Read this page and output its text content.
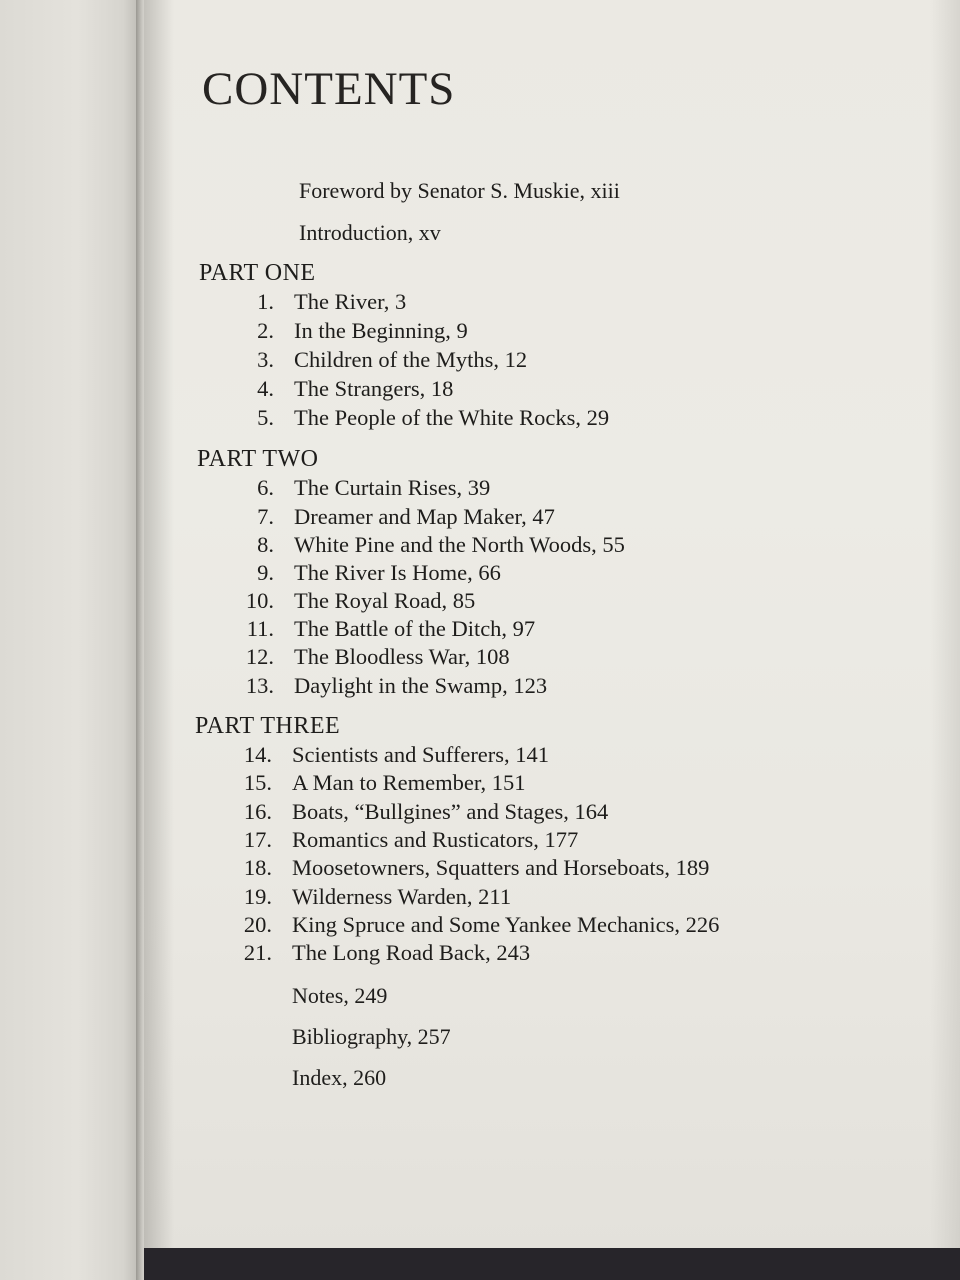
CONTENTS
Foreword by Senator S. Muskie, xiii
Introduction, xv
PART ONE
1. The River, 3
2. In the Beginning, 9
3. Children of the Myths, 12
4. The Strangers, 18
5. The People of the White Rocks, 29
PART TWO
6. The Curtain Rises, 39
7. Dreamer and Map Maker, 47
8. White Pine and the North Woods, 55
9. The River Is Home, 66
10. The Royal Road, 85
11. The Battle of the Ditch, 97
12. The Bloodless War, 108
13. Daylight in the Swamp, 123
PART THREE
14. Scientists and Sufferers, 141
15. A Man to Remember, 151
16. Boats, “Bullgines” and Stages, 164
17. Romantics and Rusticators, 177
18. Moosetowners, Squatters and Horseboats, 189
19. Wilderness Warden, 211
20. King Spruce and Some Yankee Mechanics, 226
21. The Long Road Back, 243
Notes, 249
Bibliography, 257
Index, 260
